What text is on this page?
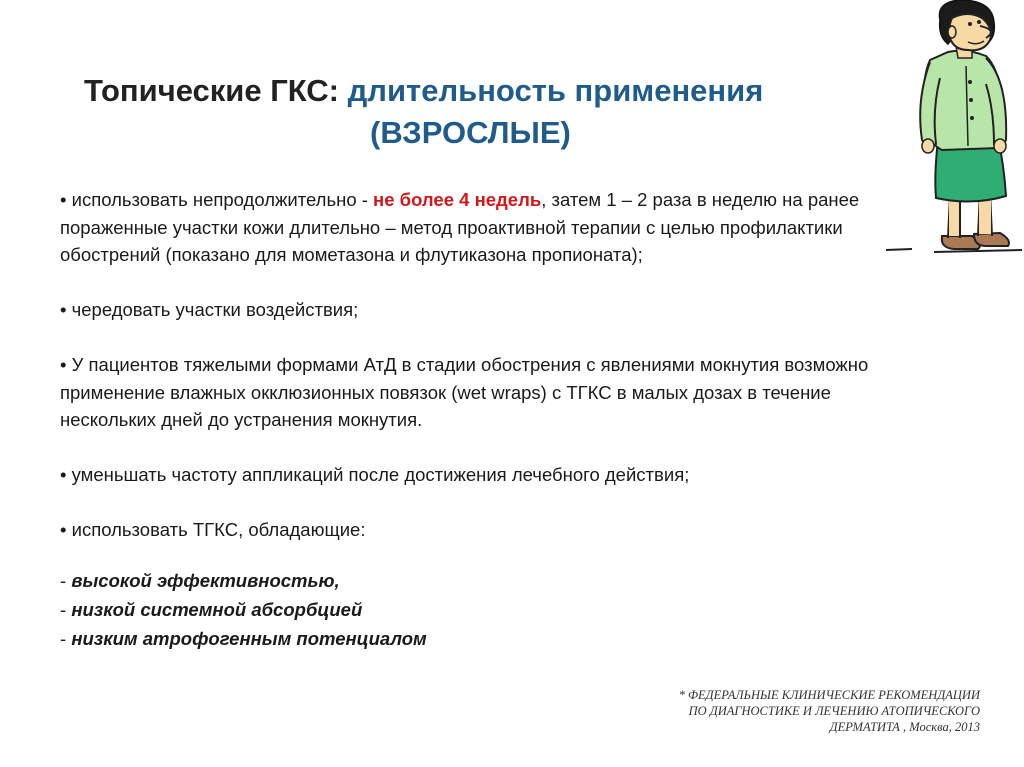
Топические ГКС: длительность применения
(ВЗРОСЛЫЕ)

• использовать непродолжительно - не более 4 недель, затем 1 – 2 раза в неделю на ранее пораженные участки кожи длительно – метод проактивной терапии с целью профилактики обострений (показано для мометазона и флутиказона пропионата);

• чередовать участки воздействия;

• У пациентов тяжелыми формами АтД в стадии обострения с явлениями мокнутия возможно применение влажных окклюзионных повязок (wet wraps) с ТГКС в малых дозах в течение нескольких дней до устранения мокнутия.

• уменьшать частоту аппликаций после достижения лечебного действия;

• использовать ТГКС, обладающие:

- высокой эффективностью,
- низкой системной абсорбцией
- низким атрофогенным потенциалом
* ФЕДЕРАЛЬНЫЕ КЛИНИЧЕСКИЕ РЕКОМЕНДАЦИИ
ПО ДИАГНОСТИКЕ И ЛЕЧЕНИЮ АТОПИЧЕСКОГО
ДЕРМАТИТА , Москва, 2013
